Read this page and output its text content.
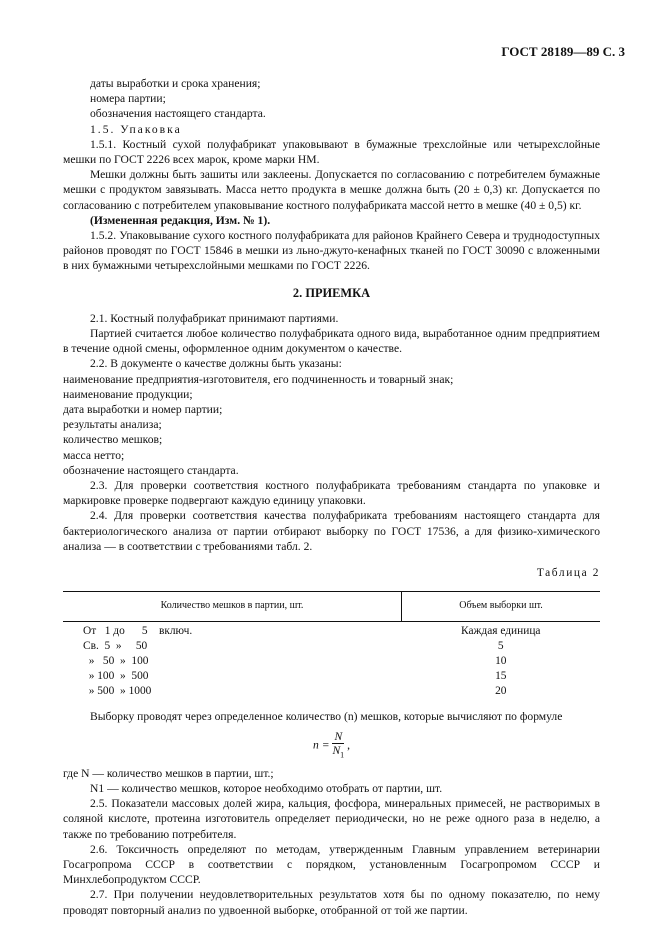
ГОСТ 28189—89 С. 3

даты выработки и срока хранения;

номера партии;

обозначения настоящего стандарта.

1.5. Упаковка

1.5.1. Костный сухой полуфабрикат упаковывают в бумажные трехслойные или четырехслойные мешки по ГОСТ 2226 всех марок, кроме марки НМ.

Мешки должны быть зашиты или заклеены. Допускается по согласованию с потребителем бумажные мешки с продуктом завязывать. Масса нетто продукта в мешке должна быть (20 ± 0,3) кг. Допускается по согласованию с потребителем упаковывание костного полуфабриката массой нетто в мешке (40 ± 0,5) кг.

(Измененная редакция, Изм. № 1).

1.5.2. Упаковывание сухого костного полуфабриката для районов Крайнего Севера и труднодоступных районов проводят по ГОСТ 15846 в мешки из льно-джуто-кенафных тканей по ГОСТ 30090 с вложенными в них бумажными четырехслойными мешками по ГОСТ 2226.

2. ПРИЕМКА

2.1. Костный полуфабрикат принимают партиями.

Партией считается любое количество полуфабриката одного вида, выработанное одним предприятием в течение одной смены, оформленное одним документом о качестве.

2.2. В документе о качестве должны быть указаны:

наименование предприятия-изготовителя, его подчиненность и товарный знак;

наименование продукции;

дата выработки и номер партии;

результаты анализа;

количество мешков;

масса нетто;

обозначение настоящего стандарта.

2.3. Для проверки соответствия костного полуфабриката требованиям стандарта по упаковке и маркировке проверке подвергают каждую единицу упаковки.

2.4. Для проверки соответствия качества полуфабриката требованиям настоящего стандарта для бактериологического анализа от партии отбирают выборку по ГОСТ 17536, а для физико-химического анализа — в соответствии с требованиями табл. 2.

Таблица 2
Количество мешков в партии, шт.	Объем выборки шт.
От   1 до      5    включ.	Каждая единица
Св.  5  »     50	5
»   50  »  100	10
» 100  »  500	15
» 500  » 1000	20

Выборку проводят через определенное количество (n) мешков, которые вычисляют по формуле

$n = \frac{N}{N_1}$ ,

где N — количество мешков в партии, шт.;

N1 — количество мешков, которое необходимо отобрать от партии, шт.

2.5. Показатели массовых долей жира, кальция, фосфора, минеральных примесей, не растворимых в соляной кислоте, протеина изготовитель определяет периодически, но не реже одного раза в неделю, а также по требованию потребителя.

2.6. Токсичность определяют по методам, утвержденным Главным управлением ветеринарии Госагропрома СССР в соответствии с порядком, установленным Госагропромом СССР и Минхлебопродуктом СССР.

2.7. При получении неудовлетворительных результатов хотя бы по одному показателю, по нему проводят повторный анализ по удвоенной выборке, отобранной от той же партии.
